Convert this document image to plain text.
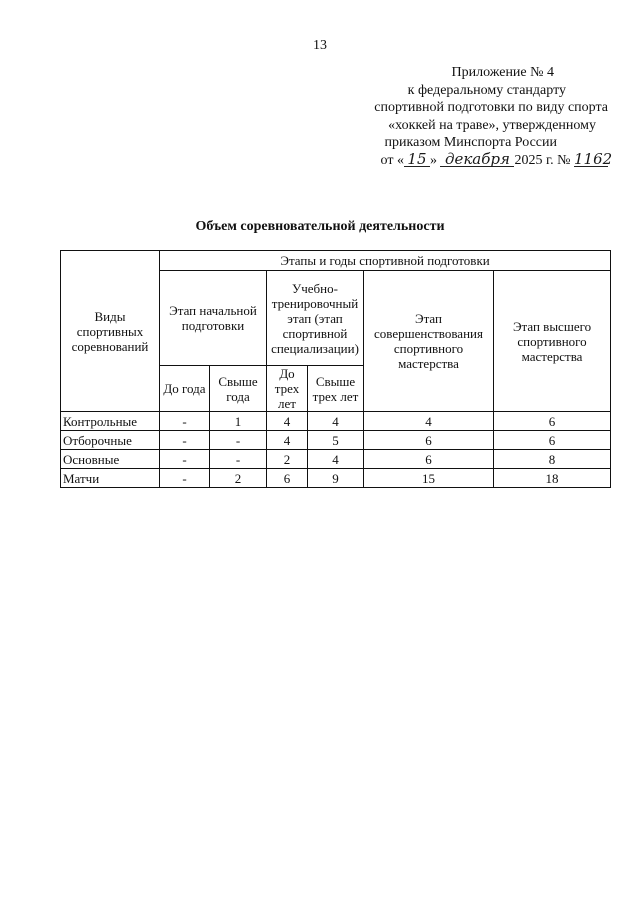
13
Приложение № 4
к федеральному стандарту
спортивной подготовки по виду спорта
«хоккей на траве», утвержденному
приказом Минспорта России
от « 15 » декабря 2025 г. № 1162
Объем соревновательной деятельности
Виды спортивных соревнований	Этапы и годы спортивной подготовки					
	Этап начальной подготовки		Учебно-тренировочный этап (этап спортивной специализации)		Этап совершенствования спортивного мастерства	Этап высшего спортивного мастерства
	До года	Свыше года	До трех лет	Свыше трех лет		
Контрольные	-	1	4	4	4	6
Отборочные	-	-	4	5	6	6
Основные	-	-	2	4	6	8
Матчи	-	2	6	9	15	18
